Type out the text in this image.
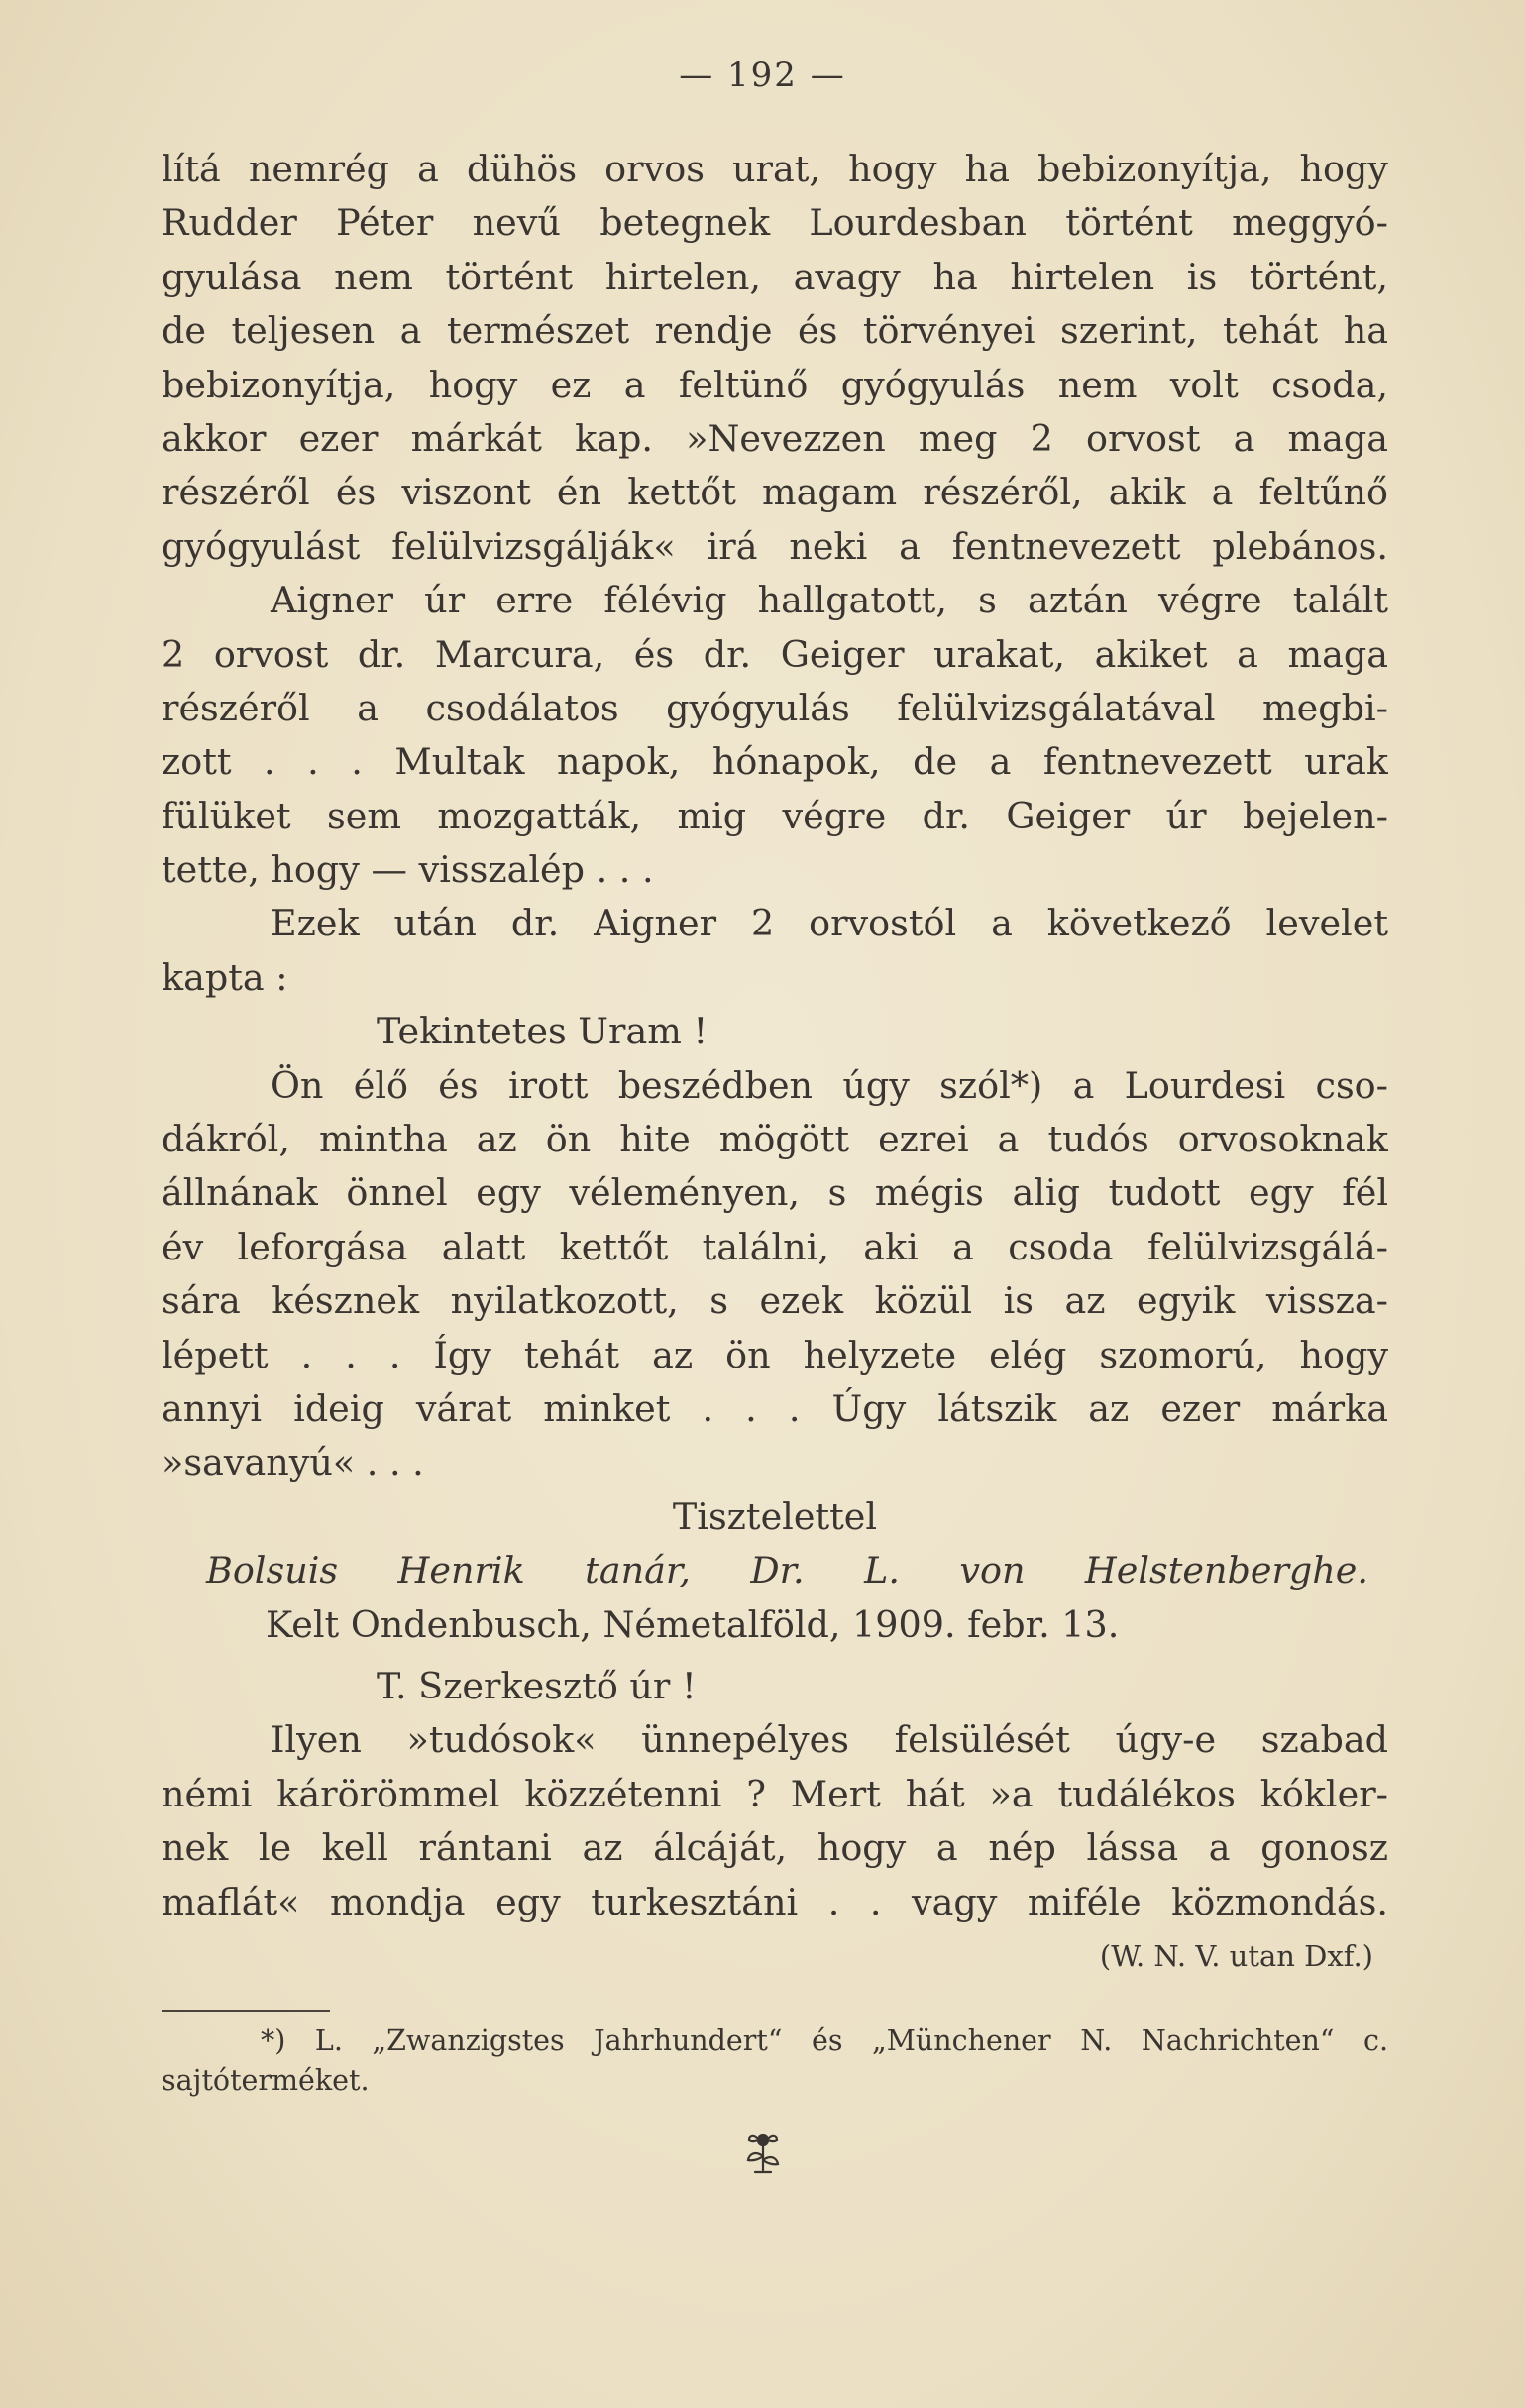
— 192 —
lítá nemrég a dühös orvos urat, hogy ha bebizonyítja, hogy
Rudder Péter nevű betegnek Lourdesban történt meggyó-
gyulása nem történt hirtelen, avagy ha hirtelen is történt,
de teljesen a természet rendje és törvényei szerint, tehát ha
bebizonyítja, hogy ez a feltünő gyógyulás nem volt csoda,
akkor ezer márkát kap. »Nevezzen meg 2 orvost a maga
részéről és viszont én kettőt magam részéről, akik a feltűnő
gyógyulást felülvizsgálják« irá neki a fentnevezett plebános.
Aigner úr erre félévig hallgatott, s aztán végre talált
2 orvost dr. Marcura, és dr. Geiger urakat, akiket a maga
részéről a csodálatos gyógyulás felülvizsgálatával megbi-
zott . . . Multak napok, hónapok, de a fentnevezett urak
fülüket sem mozgatták, mig végre dr. Geiger úr bejelen-
tette, hogy — visszalép . . .
Ezek után dr. Aigner 2 orvostól a következő levelet
kapta :
Tekintetes Uram !
Ön élő és irott beszédben úgy szól*) a Lourdesi cso-
dákról, mintha az ön hite mögött ezrei a tudós orvosoknak
állnának önnel egy véleményen, s mégis alig tudott egy fél
év leforgása alatt kettőt találni, aki a csoda felülvizsgálá-
sára késznek nyilatkozott, s ezek közül is az egyik vissza-
lépett . . . Így tehát az ön helyzete elég szomorú, hogy
annyi ideig várat minket . . . Úgy látszik az ezer márka
»savanyú« . . .
Tisztelettel
Bolsuis Henrik tanár, Dr. L. von Helstenberghe.
Kelt Ondenbusch, Németalföld, 1909. febr. 13.
T. Szerkesztő úr !
Ilyen »tudósok« ünnepélyes felsülését úgy-e szabad
némi kárörömmel közzétenni ? Mert hát »a tudálékos kókler-
nek le kell rántani az álcáját, hogy a nép lássa a gonosz
maflát« mondja egy turkesztáni . . vagy miféle közmondás.
(W. N. V. utan Dxf.)
*) L. „Zwanzigstes Jahrhundert“ és „Münchener N. Nachrichten“ c.
sajtóterméket.
